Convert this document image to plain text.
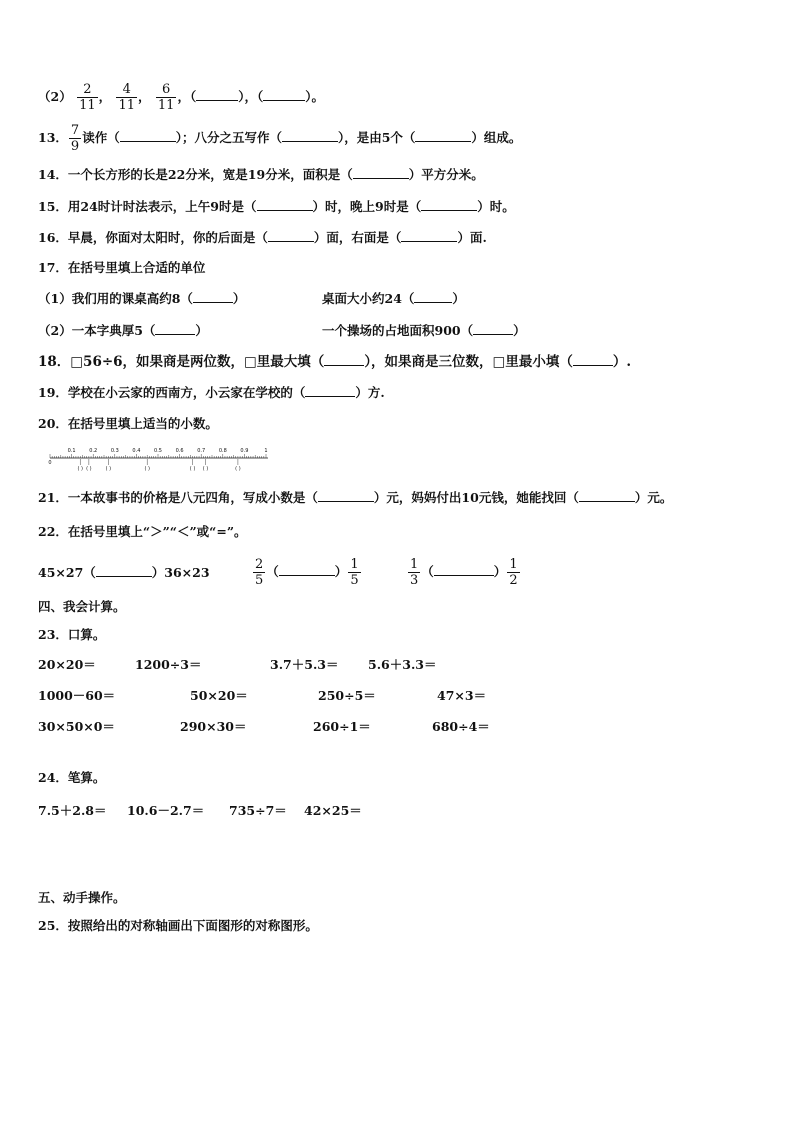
$(2) \frac{2}{11}$ ， $\frac{4}{11}$ ， $\frac{6}{11}$ ，（	），（	）。
13． $\frac{7}{9}$ 读作（	）；八分之五写作（	），是由5个（	）组成。
14．一个长方形的长是22分米，宽是19分米，面积是（	）平方分米。
15．用24时计时法表示，上午9时是（	）时，晚上9时是（	）时。
16．早晨，你面对太阳时，你的后面是（	）面，右面是（	）面.
17．在括号里填上合适的单位
（1）我们用的课桌高约8（	）	桌面大小约24（	）
（2）一本字典厚5（	）	一个操场的占地面积900（	）
18．□56÷6，如果商是两位数，□里最大填（	），如果商是三位数，□里最小填（	）.
19．学校在小云家的西南方，小云家在学校的（	）方.
20．在括号里填上适当的小数。
0
0.1	0.2	0.3	0.4	0.5	0.6	0.7	0.8	0.9	1
( ) ( )	( )	( )	( ) ( )	( )
21．一本故事书的价格是八元四角，写成小数是（	）元，妈妈付出10元钱，她能找回（	）元。
22．在括号里填上“＞”“＜”或“=”。
45×27（	）36×23	$\frac{2}{5}$ （	） $\frac{1}{5}$	$\frac{1}{3}$ （	） $\frac{1}{2}$
四、我会计算。
23．口算。
20×20＝	1200÷3＝	3.7＋5.3＝ 5.6＋3.3＝
1000－60＝	50×20＝	250÷5＝	47×3＝
30×50×0＝	290×30＝	260÷1＝	680÷4＝
24．笔算。
7.5＋2.8＝ 10.6－2.7＝ 735÷7＝ 42×25＝
五、动手操作。
25．按照给出的对称轴画出下面图形的对称图形。
